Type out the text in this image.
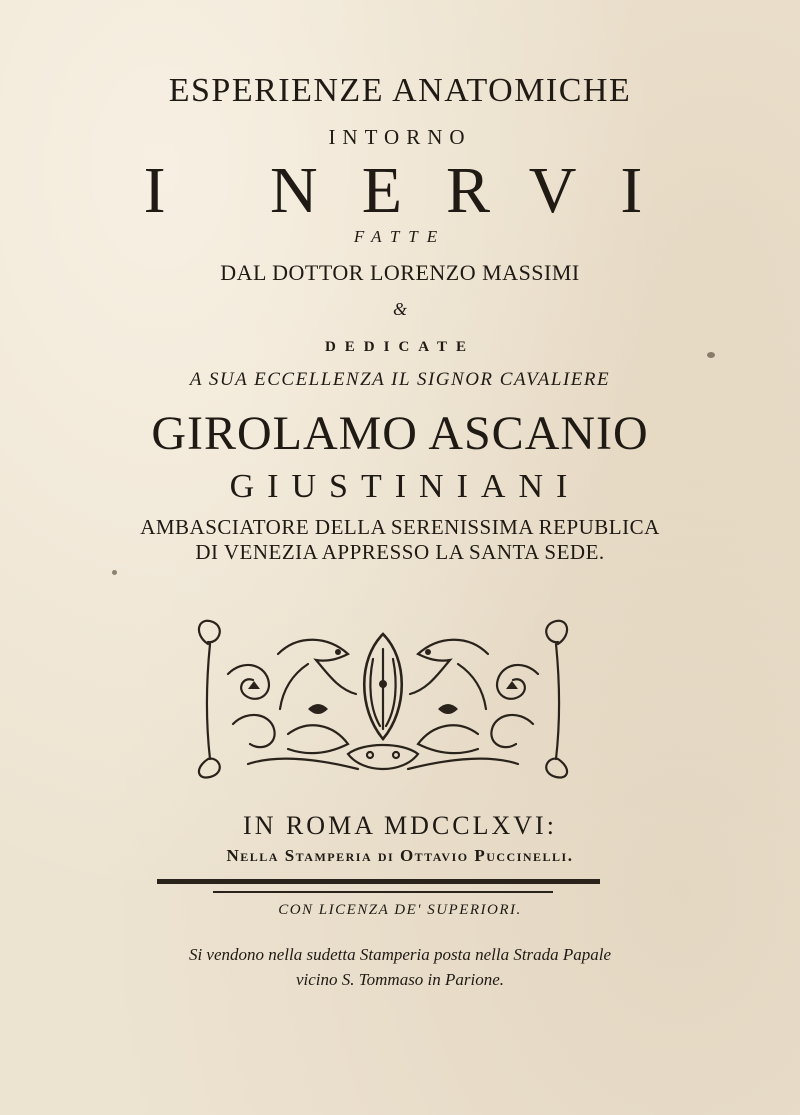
ESPERIENZE ANATOMICHE
INTORNO
I NERVI
FATTE
DAL DOTTOR LORENZO MASSIMI
&
DEDICATE
A SUA ECCELLENZA IL SIGNOR CAVALIERE
GIROLAMO ASCANIO
GIUSTINIANI
AMBASCIATORE DELLA SERENISSIMA REPUBLICA
DI VENEZIA APPRESSO LA SANTA SEDE.
IN ROMA MDCCLXVI:
Nella Stamperia di Ottavio Puccinelli.
CON LICENZA DE' SUPERIORI.
Si vendono nella sudetta Stamperia posta nella Strada Papale
vicino S. Tommaso in Parione.
